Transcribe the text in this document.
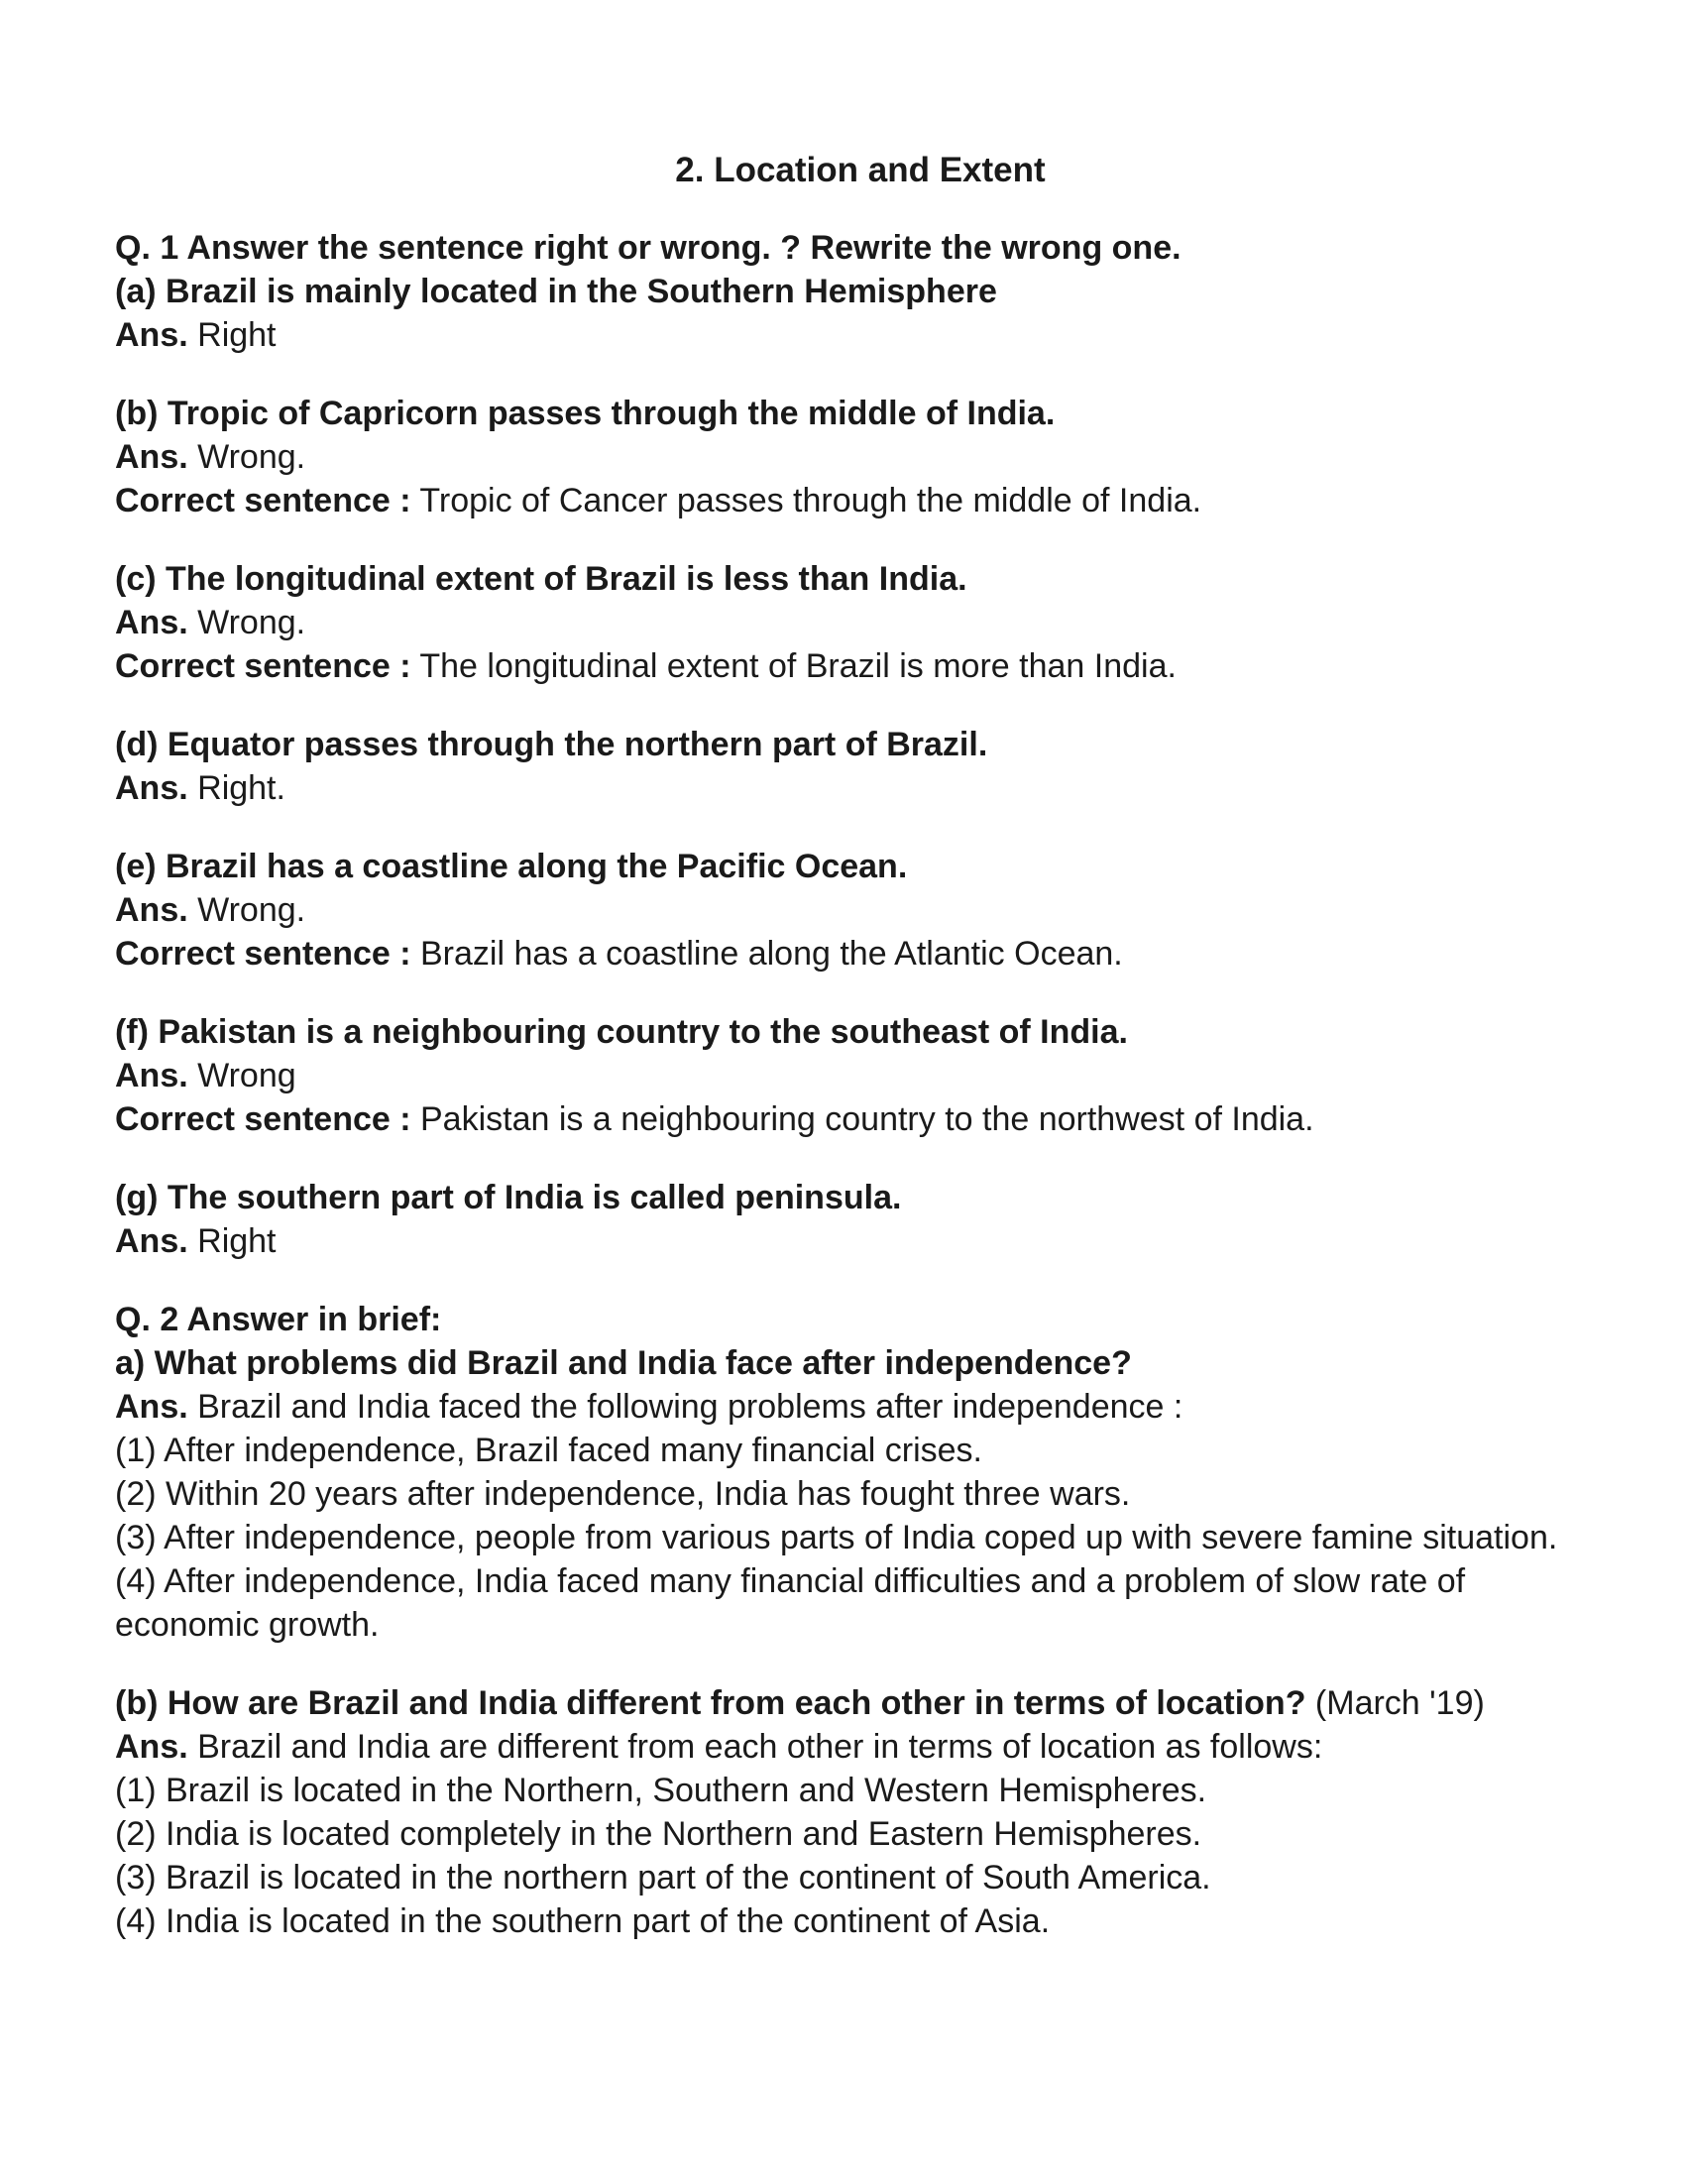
2. Location and Extent

Q. 1 Answer the sentence right or wrong. ? Rewrite the wrong one.

(a) Brazil is mainly located in the Southern Hemisphere

Ans. Right

(b) Tropic of Capricorn passes through the middle of India.

Ans. Wrong.

Correct sentence : Tropic of Cancer passes through the middle of India.

(c) The longitudinal extent of Brazil is less than India.

Ans. Wrong.

Correct sentence : The longitudinal extent of Brazil is more than India.

(d) Equator passes through the northern part of Brazil.

Ans. Right.

(e) Brazil has a coastline along the Pacific Ocean.

Ans. Wrong.

Correct sentence : Brazil has a coastline along the Atlantic Ocean.

(f) Pakistan is a neighbouring country to the southeast of India.

Ans. Wrong

Correct sentence : Pakistan is a neighbouring country to the northwest of India.

(g) The southern part of India is called peninsula.

Ans. Right

Q. 2 Answer in brief:

a) What problems did Brazil and India face after independence?

Ans. Brazil and India faced the following problems after independence :

(1) After independence, Brazil faced many financial crises.

(2) Within 20 years after independence, India has fought three wars.

(3) After independence, people from various parts of India coped up with severe famine situation.

(4) After independence, India faced many financial difficulties and a problem of slow rate of economic growth.

(b) How are Brazil and India different from each other in terms of location? (March '19)

Ans. Brazil and India are different from each other in terms of location as follows:

(1) Brazil is located in the Northern, Southern and Western Hemispheres.

(2) India is located completely in the Northern and Eastern Hemispheres.

(3) Brazil is located in the northern part of the continent of South America.

(4) India is located in the southern part of the continent of Asia.
